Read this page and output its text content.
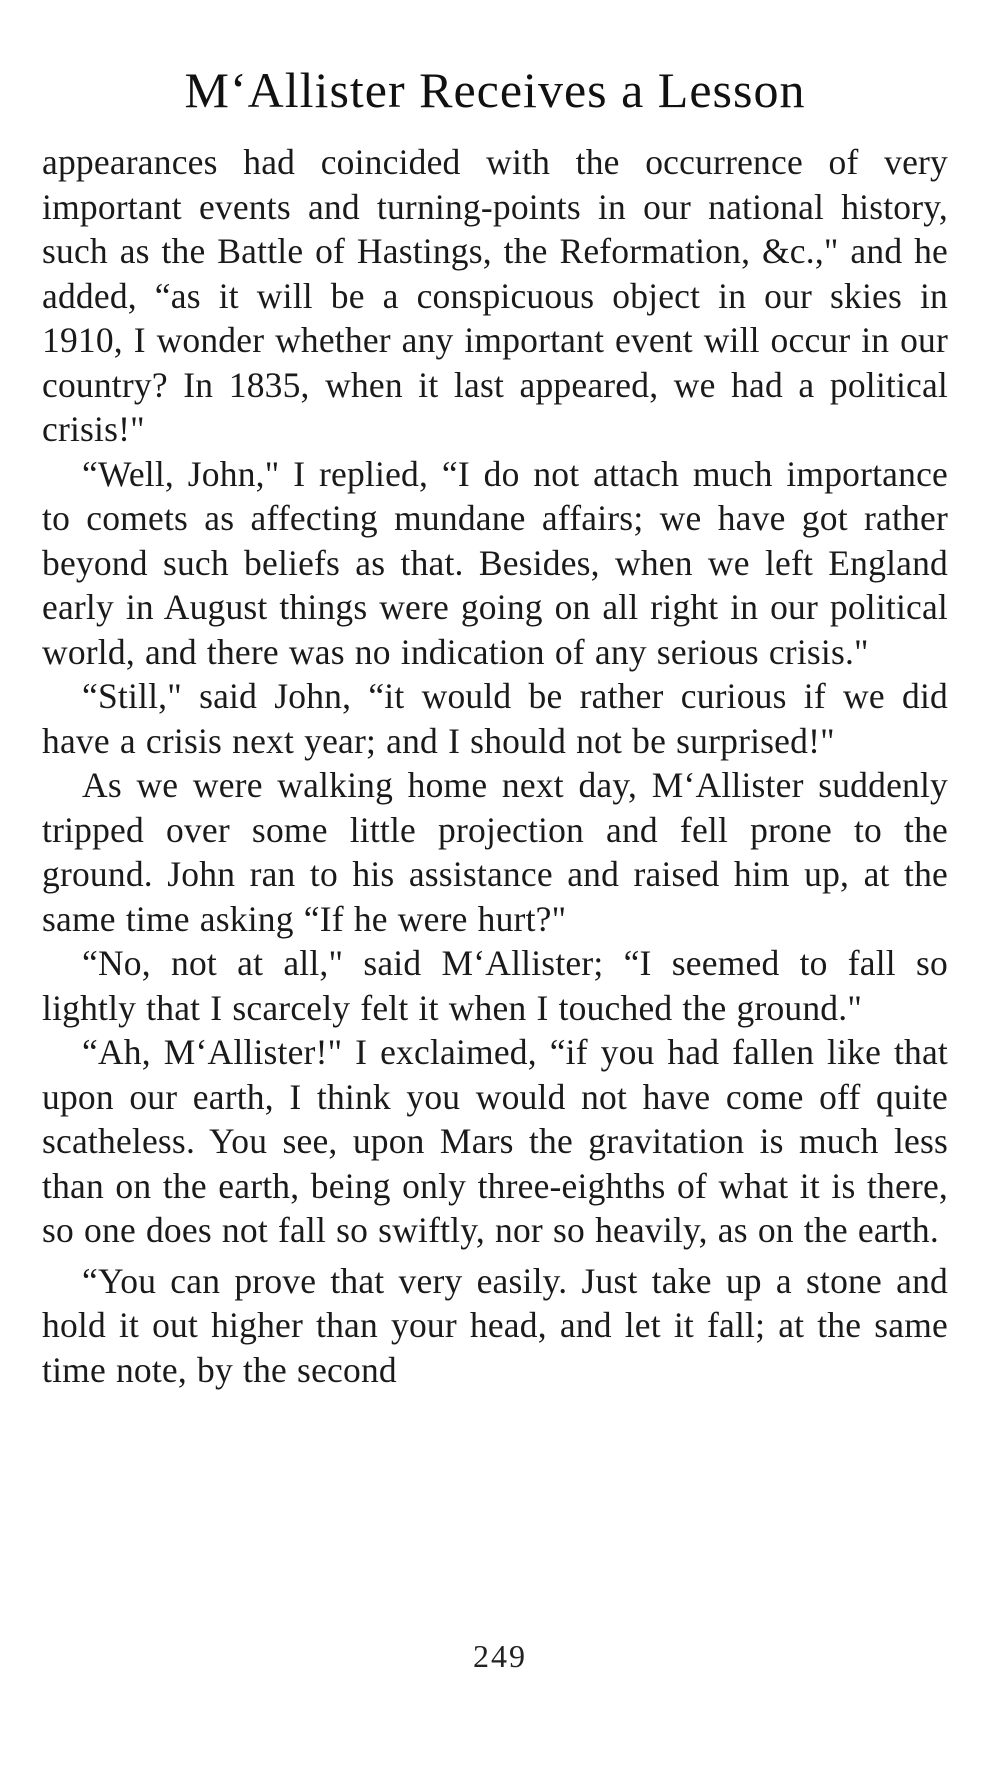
M‘Allister Receives a Lesson

appearances had coincided with the occurrence of very important events and turning-points in our national history, such as the Battle of Hastings, the Reformation, &c.," and he added, “as it will be a conspicuous object in our skies in 1910, I wonder whether any important event will occur in our country? In 1835, when it last appeared, we had a political crisis!"

“Well, John," I replied, “I do not attach much importance to comets as affecting mundane affairs; we have got rather beyond such beliefs as that. Besides, when we left England early in August things were going on all right in our political world, and there was no indication of any serious crisis."

“Still," said John, “it would be rather curious if we did have a crisis next year; and I should not be surprised!"

As we were walking home next day, M‘Allister suddenly tripped over some little projection and fell prone to the ground. John ran to his assistance and raised him up, at the same time asking “If he were hurt?"

“No, not at all," said M‘Allister; “I seemed to fall so lightly that I scarcely felt it when I touched the ground."

“Ah, M‘Allister!" I exclaimed, “if you had fallen like that upon our earth, I think you would not have come off quite scatheless. You see, upon Mars the gravitation is much less than on the earth, being only three-eighths of what it is there, so one does not fall so swiftly, nor so heavily, as on the earth.

“You can prove that very easily. Just take up a stone and hold it out higher than your head, and let it fall; at the same time note, by the second

249
